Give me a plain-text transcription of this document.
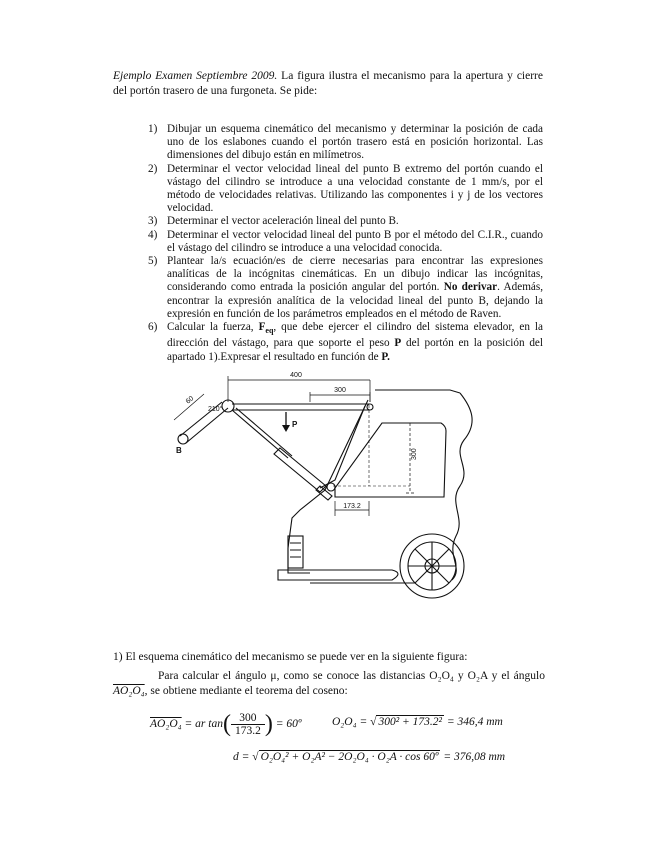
Ejemplo Examen Septiembre 2009. La figura ilustra el mecanismo para la apertura y cierre del portón trasero de una furgoneta. Se pide:
1) Dibujar un esquema cinemático del mecanismo y determinar la posición de cada uno de los eslabones cuando el portón trasero está en posición horizontal. Las dimensiones del dibujo están en milímetros.
2) Determinar el vector velocidad lineal del punto B extremo del portón cuando el vástago del cilindro se introduce a una velocidad constante de 1 mm/s, por el método de velocidades relativas. Utilizando las componentes i y j de los vectores velocidad.
3) Determinar el vector aceleración lineal del punto B.
4) Determinar el vector velocidad lineal del punto B por el método del C.I.R., cuando el vástago del cilindro se introduce a una velocidad conocida.
5) Plantear la/s ecuación/es de cierre necesarias para encontrar las expresiones analíticas de la incógnitas cinemáticas. En un dibujo indicar las incógnitas, considerando como entrada la posición angular del portón. No derivar. Además, encontrar la expresión analítica de la velocidad lineal del punto B, dejando la expresión en función de los parámetros empleados en el método de Raven.
6) Calcular la fuerza, $F_{eq}$, que debe ejercer el cilindro del sistema elevador, en la dirección del vástago, para que soporte el peso P del portón en la posición del apartado 1).Expresar el resultado en función de P.
400
300
60
210°
300
173.2
B
P
1) El esquema cinemático del mecanismo se puede ver en la siguiente figura:
Para calcular el ángulo μ, como se conoce las distancias O₂O₄ y O₂A y el ángulo AO₂O₄, se obtiene mediante el teorema del coseno:
AO₂O₄ = ar $\tan( \frac{300}{173.2}$ ) = 60º	O₂O₄ = √ 300² + 173.2² = 346,4 mm
d = √ O₂O₄² + O₂A² − 2O₂O₄ · O₂A · cos 60º = 376,08 mm
